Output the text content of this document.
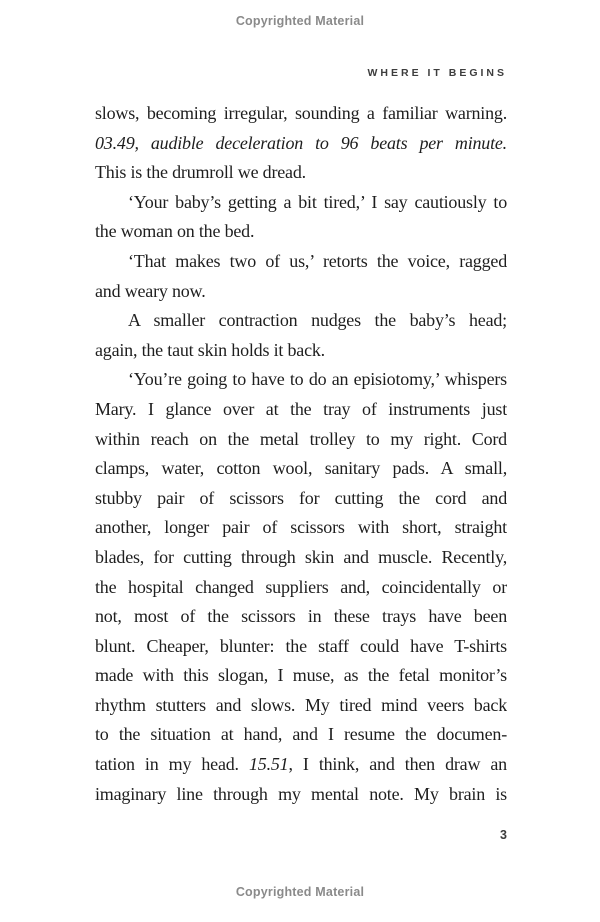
Copyrighted Material
WHERE IT BEGINS
slows, becoming irregular, sounding a familiar warning.
03.49, audible deceleration to 96 beats per minute.
This is the drumroll we dread.
‘Your baby’s getting a bit tired,’ I say cautiously to
the woman on the bed.
‘That makes two of us,’ retorts the voice, ragged
and weary now.
A smaller contraction nudges the baby’s head;
again, the taut skin holds it back.
‘You’re going to have to do an episiotomy,’ whispers
Mary. I glance over at the tray of instruments just
within reach on the metal trolley to my right. Cord
clamps, water, cotton wool, sanitary pads. A small,
stubby pair of scissors for cutting the cord and
another, longer pair of scissors with short, straight
blades, for cutting through skin and muscle. Recently,
the hospital changed suppliers and, coincidentally or
not, most of the scissors in these trays have been
blunt. Cheaper, blunter: the staff could have T-shirts
made with this slogan, I muse, as the fetal monitor’s
rhythm stutters and slows. My tired mind veers back
to the situation at hand, and I resume the documen-
tation in my head. 15.51, I think, and then draw an
imaginary line through my mental note. My brain is
3
Copyrighted Material
